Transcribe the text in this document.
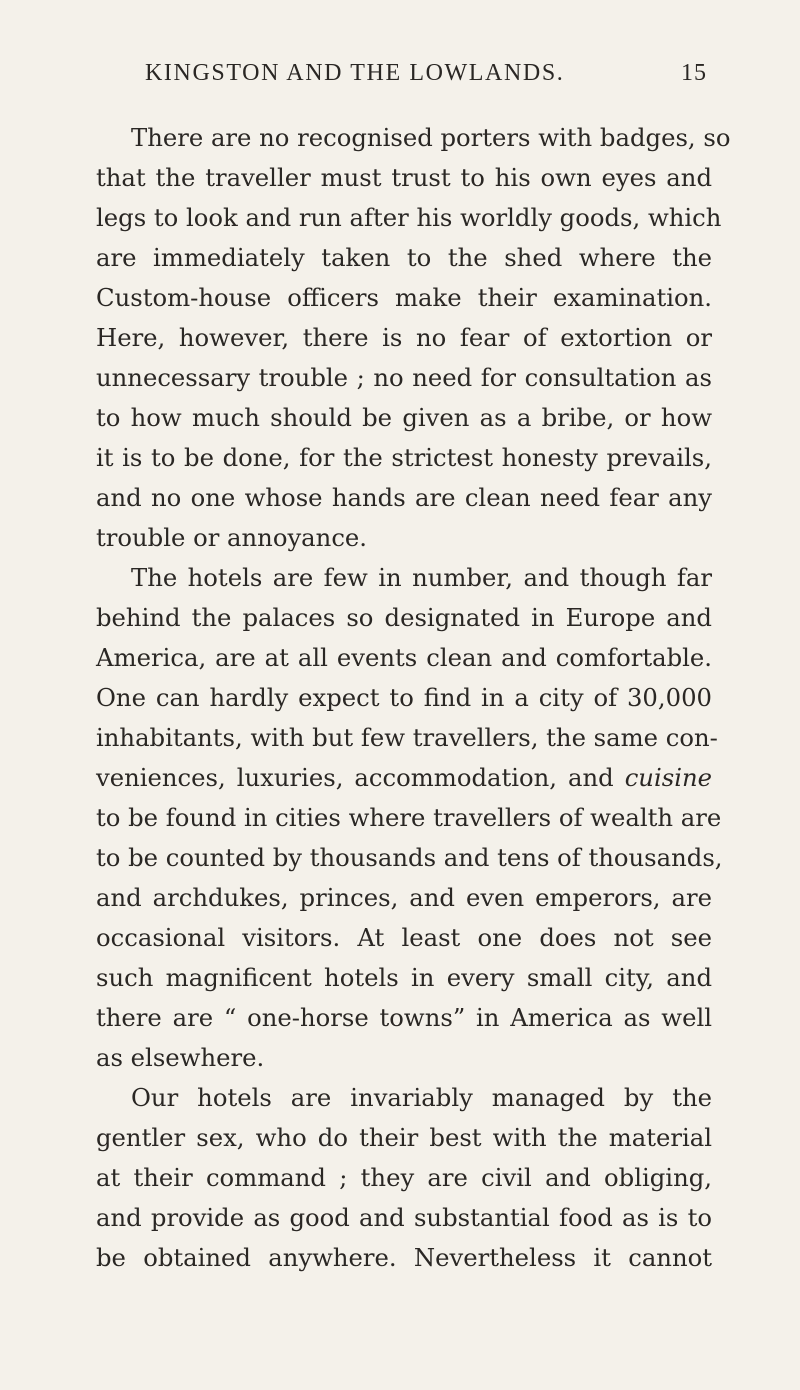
KINGSTON AND THE LOWLANDS.	15
There are no recognised porters with badges, so
that the traveller must trust to his own eyes and
legs to look and run after his worldly goods, which
are immediately taken to the shed where the
Custom-house officers make their examination.
Here, however, there is no fear of extortion or
unnecessary trouble ; no need for consultation as
to how much should be given as a bribe, or how
it is to be done, for the strictest honesty prevails,
and no one whose hands are clean need fear any
trouble or annoyance.
The hotels are few in number, and though far
behind the palaces so designated in Europe and
America, are at all events clean and comfortable.
One can hardly expect to find in a city of 30,000
inhabitants, with but few travellers, the same con-
veniences, luxuries, accommodation, and cuisine
to be found in cities where travellers of wealth are
to be counted by thousands and tens of thousands,
and archdukes, princes, and even emperors, are
occasional visitors. At least one does not see
such magnificent hotels in every small city, and
there are “ one-horse towns” in America as well
as elsewhere.
Our hotels are invariably managed by the
gentler sex, who do their best with the material
at their command ; they are civil and obliging,
and provide as good and substantial food as is to
be obtained anywhere. Nevertheless it cannot
